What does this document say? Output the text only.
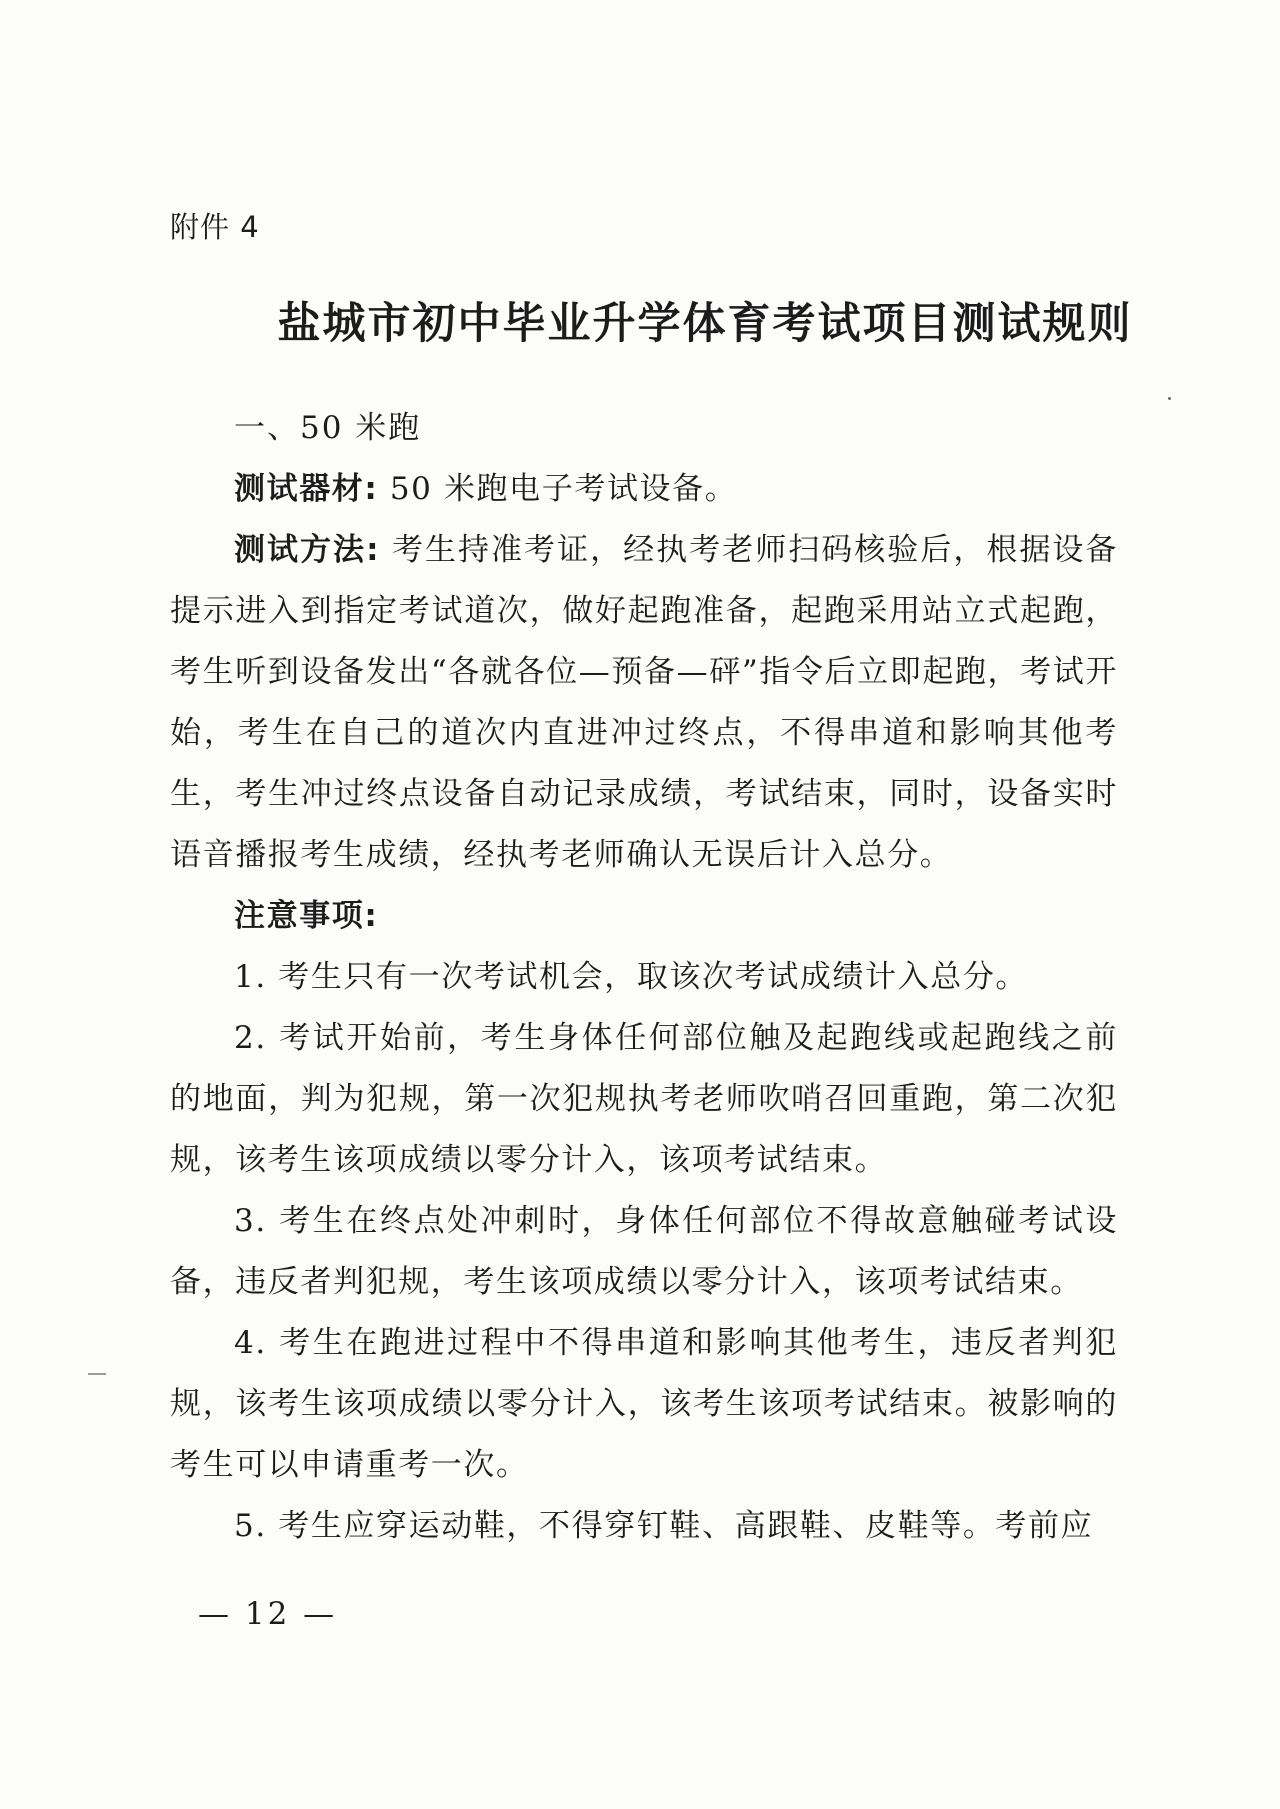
附件 4
盐城市初中毕业升学体育考试项目测试规则

一、50 米跑

测试器材: 50 米跑电子考试设备。

测试方法: 考生持准考证，经执考老师扫码核验后，根据设备提示进入到指定考试道次，做好起跑准备，起跑采用站立式起跑，考生听到设备发出“各就各位—预备—砰”指令后立即起跑，考试开始，考生在自己的道次内直进冲过终点，不得串道和影响其他考生，考生冲过终点设备自动记录成绩，考试结束，同时，设备实时语音播报考生成绩，经执考老师确认无误后计入总分。

注意事项:

1. 考生只有一次考试机会，取该次考试成绩计入总分。

2. 考试开始前，考生身体任何部位触及起跑线或起跑线之前的地面，判为犯规，第一次犯规执考老师吹哨召回重跑，第二次犯规，该考生该项成绩以零分计入，该项考试结束。

3. 考生在终点处冲刺时，身体任何部位不得故意触碰考试设备，违反者判犯规，考生该项成绩以零分计入，该项考试结束。

4. 考生在跑进过程中不得串道和影响其他考生，违反者判犯规，该考生该项成绩以零分计入，该考生该项考试结束。被影响的考生可以申请重考一次。

5. 考生应穿运动鞋，不得穿钉鞋、高跟鞋、皮鞋等。考前应

— 12 —
